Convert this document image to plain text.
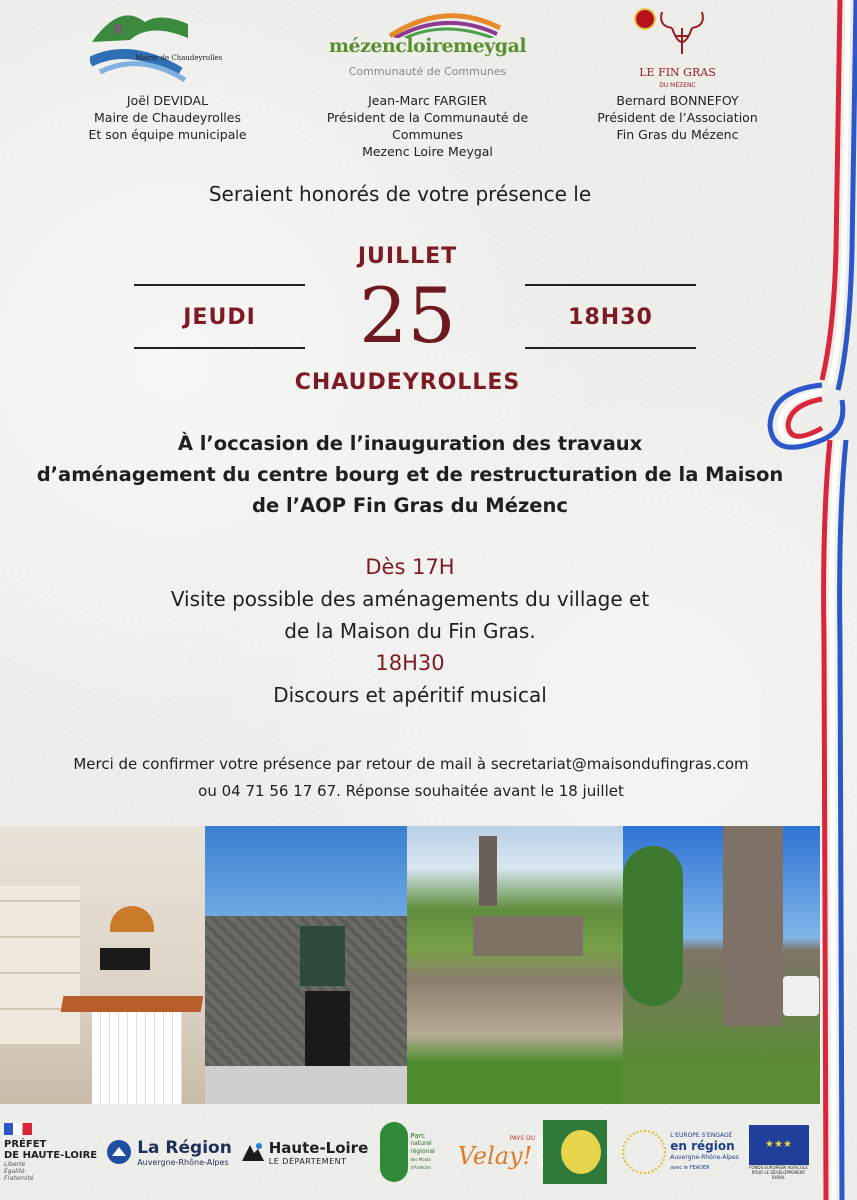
Mairie de Chaudeyrolles
Joël DEVIDAL
Maire de Chaudeyrolles
Et son équipe municipale
mézencloiremeygal
Communauté de Communes
Jean-Marc FARGIER
Président de la Communauté de Communes
Mezenc Loire Meygal
LE FIN GRAS
DU MÉZENC
Bernard BONNEFOY
Président de l’Association
Fin Gras du Mézenc
Seraient honorés de votre présence le
JUILLET
JEUDI	25	18H30
CHAUDEYROLLES
À l’occasion de l’inauguration des travaux
d’aménagement du centre bourg et de restructuration de la Maison
de l’AOP Fin Gras du Mézenc
Dès 17H
Visite possible des aménagements du village et
de la Maison du Fin Gras.
18H30
Discours et apéritif musical
Merci de confirmer votre présence par retour de mail à secretariat@maisondufingras.com
ou 04 71 56 17 67. Réponse souhaitée avant le 18 juillet
PRÉFET
DE HAUTE-LOIRE
Liberté
Égalité
Fraternité
La Région
Auvergne-Rhône-Alpes
Haute-Loire
LE DÉPARTEMENT
Parc
naturel
régional
des Monts d'Ardèche
PAYS DU
Velay! LEADER
L'EUROPE S'ENGAGE
en région
Auvergne-Rhône-Alpes
avec le FEADER
★★★
FONDS EUROPÉEN AGRICOLE
POUR LE DÉVELOPPEMENT RURAL
